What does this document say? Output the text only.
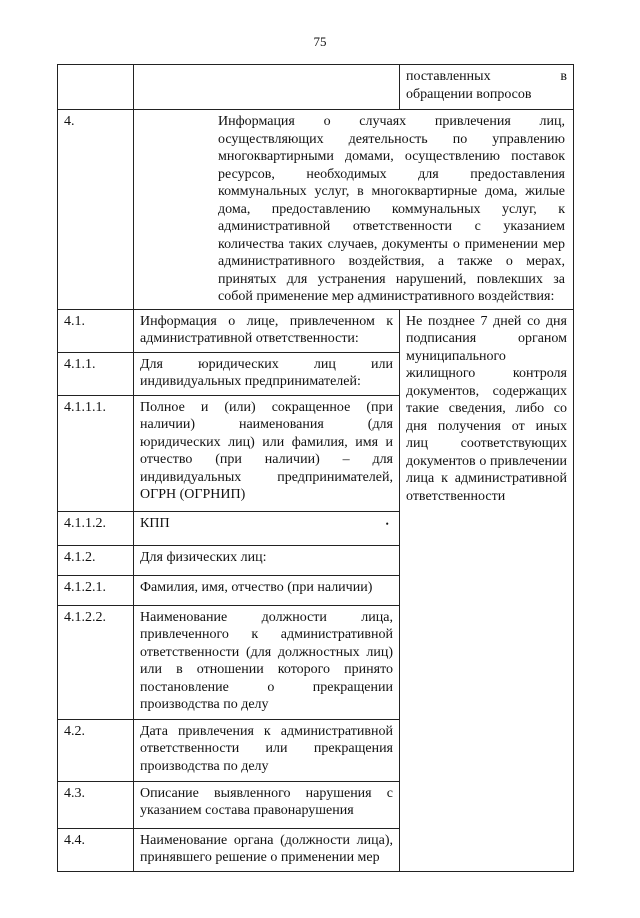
75

		поставленных в
обращении вопросов

4.	Информация о случаях привлечения лиц, осуществляющих деятельность по управлению многоквартирными домами, осуществлению поставок ресурсов, необходимых для предоставления коммунальных услуг, в многоквартирные дома, жилые дома, предоставлению коммунальных услуг, к административной ответственности с указанием количества таких случаев, документы о применении мер административного воздействия, а также о мерах, принятых для устранения нарушений, повлекших за собой применение мер административного воздействия:	

4.1.	Информация о лице, привлеченном к административной ответственности:	Не позднее 7 дней со дня подписания органом муниципального жилищного контроля документов, содержащих такие сведения, либо со дня получения от иных лиц соответствующих документов о привлечении лица к административной ответственности
4.1.1.	Для юридических лиц или индивидуальных предпринимателей:	
4.1.1.1.	Полное и (или) сокращенное (при наличии) наименования (для юридических лиц) или фамилия, имя и отчество (при наличии) – для индивидуальных предпринимателей, ОГРН (ОГРНИП)	
4.1.1.2.	КПП •	
4.1.2.	Для физических лиц:	
4.1.2.1.	Фамилия, имя, отчество (при наличии)	
4.1.2.2.	Наименование должности лица, привлеченного к административной ответственности (для должностных лиц) или в отношении которого принято постановление о прекращении производства по делу	
4.2.	Дата привлечения к административной ответственности или прекращения производства по делу	
4.3.	Описание выявленного нарушения с указанием состава правонарушения	
4.4.	Наименование органа (должности лица), принявшего решение о применении мер	
